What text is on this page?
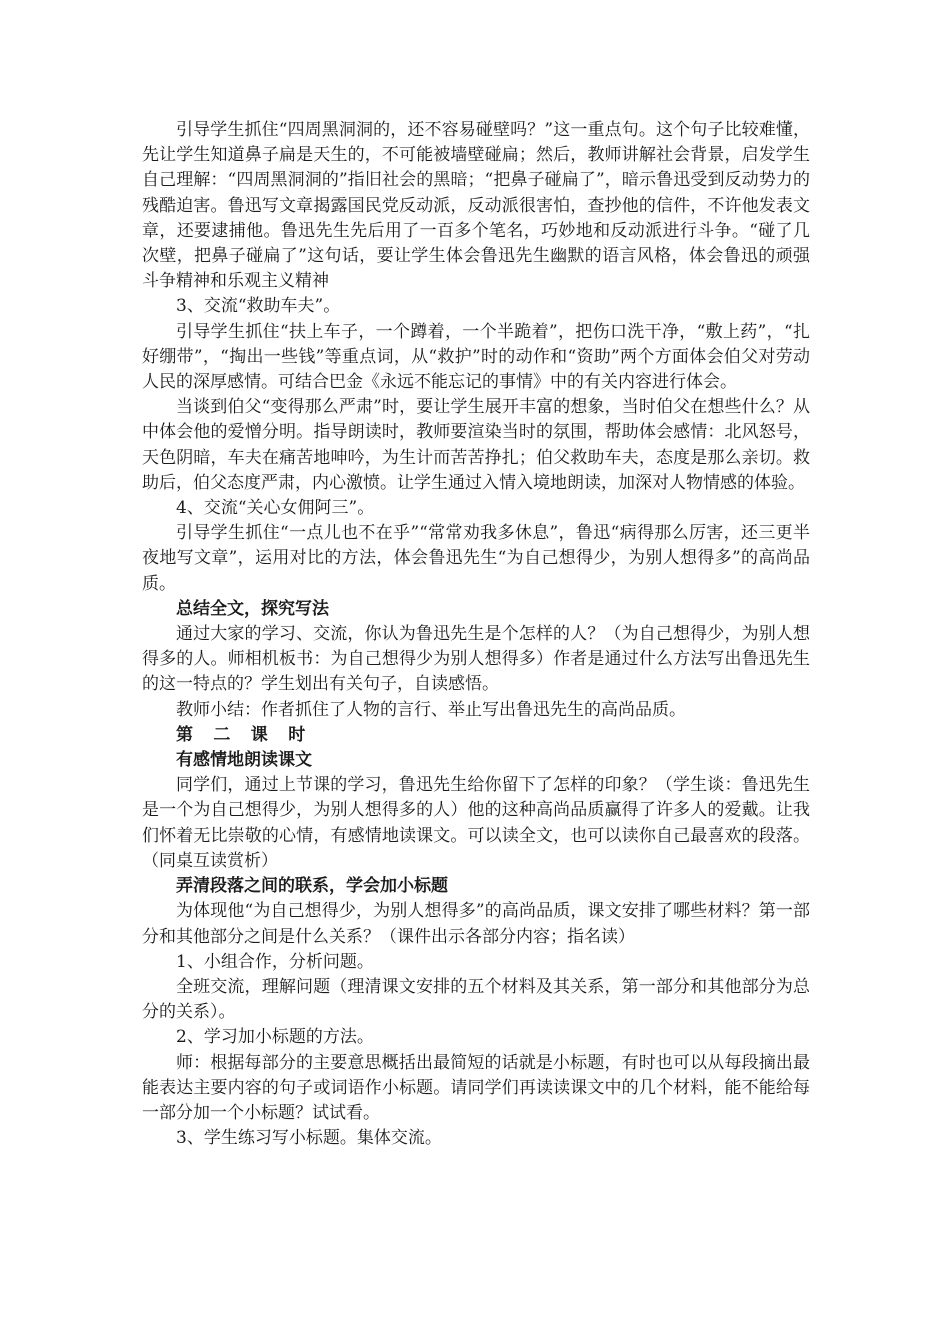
引导学生抓住“四周黑洞洞的，还不容易碰壁吗？”这一重点句。这个句子比较难懂，先让学生知道鼻子扁是天生的，不可能被墙壁碰扁；然后，教师讲解社会背景，启发学生自己理解：“四周黑洞洞的”指旧社会的黑暗；“把鼻子碰扁了”，暗示鲁迅受到反动势力的残酷迫害。鲁迅写文章揭露国民党反动派，反动派很害怕，查抄他的信件，不许他发表文章，还要逮捕他。鲁迅先生先后用了一百多个笔名，巧妙地和反动派进行斗争。“碰了几次壁，把鼻子碰扁了”这句话，要让学生体会鲁迅先生幽默的语言风格，体会鲁迅的顽强斗争精神和乐观主义精神

3、交流“救助车夫”。

引导学生抓住“扶上车子，一个蹲着，一个半跪着”，把伤口洗干净，“敷上药”，“扎好绷带”，“掏出一些钱”等重点词，从“救护”时的动作和“资助”两个方面体会伯父对劳动人民的深厚感情。可结合巴金《永远不能忘记的事情》中的有关内容进行体会。

当谈到伯父“变得那么严肃”时，要让学生展开丰富的想象，当时伯父在想些什么？从中体会他的爱憎分明。指导朗读时，教师要渲染当时的氛围，帮助体会感情：北风怒号，天色阴暗，车夫在痛苦地呻吟，为生计而苦苦挣扎；伯父救助车夫，态度是那么亲切。救助后，伯父态度严肃，内心激愤。让学生通过入情入境地朗读，加深对人物情感的体验。

4、交流“关心女佣阿三”。

引导学生抓住“一点儿也不在乎”“常常劝我多休息”，鲁迅“病得那么厉害，还三更半夜地写文章”，运用对比的方法，体会鲁迅先生“为自己想得少，为别人想得多”的高尚品质。

总结全文，探究写法

通过大家的学习、交流，你认为鲁迅先生是个怎样的人？（为自己想得少，为别人想得多的人。师相机板书：为自己想得少为别人想得多）作者是通过什么方法写出鲁迅先生的这一特点的？学生划出有关句子，自读感悟。

教师小结：作者抓住了人物的言行、举止写出鲁迅先生的高尚品质。

第二课时

有感情地朗读课文

同学们，通过上节课的学习，鲁迅先生给你留下了怎样的印象？（学生谈：鲁迅先生是一个为自己想得少，为别人想得多的人）他的这种高尚品质赢得了许多人的爱戴。让我们怀着无比崇敬的心情，有感情地读课文。可以读全文，也可以读你自己最喜欢的段落。（同桌互读赏析）

弄清段落之间的联系，学会加小标题

为体现他“为自己想得少，为别人想得多”的高尚品质，课文安排了哪些材料？第一部分和其他部分之间是什么关系？（课件出示各部分内容；指名读）

1、小组合作，分析问题。

全班交流，理解问题（理清课文安排的五个材料及其关系，第一部分和其他部分为总分的关系）。

2、学习加小标题的方法。

师：根据每部分的主要意思概括出最简短的话就是小标题，有时也可以从每段摘出最能表达主要内容的句子或词语作小标题。请同学们再读读课文中的几个材料，能不能给每一部分加一个小标题？试试看。

3、学生练习写小标题。集体交流。
